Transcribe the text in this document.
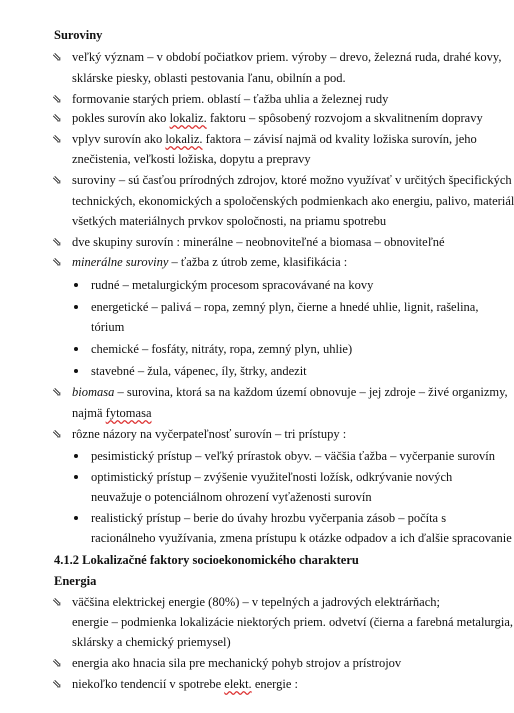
Suroviny
⇘ veľký význam – v období počiatkov priem. výroby – drevo, železná ruda, drahé kovy,
sklárske piesky, oblasti pestovania ľanu, obilnín a pod.
⇘ formovanie starých priem. oblastí – ťažba uhlia a železnej rudy
⇘ pokles surovín ako lokaliz. faktoru – spôsobený rozvojom a skvalitnením dopravy
⇘ vplyv surovín ako lokaliz. faktora – závisí najmä od kvality ložiska surovín, jeho
znečistenia, veľkosti ložiska, dopytu a prepravy
⇘ suroviny – sú časťou prírodných zdrojov, ktoré možno využívať v určitých špecifických
technických, ekonomických a spoločenských podmienkach ako energiu, palivo, materiál
všetkých materiálnych prvkov spoločnosti, na priamu spotrebu
⇘ dve skupiny surovín : minerálne – neobnoviteľné a biomasa – obnoviteľné
⇘ minerálne suroviny – ťažba z útrob zeme, klasifikácia :
rudné – metalurgickým procesom spracovávané na kovy
energetické – palivá – ropa, zemný plyn, čierne a hnedé uhlie, lignit, rašelina,
tórium
chemické – fosfáty, nitráty, ropa, zemný plyn, uhlie)
stavebné – žula, vápenec, íly, štrky, andezit
⇘ biomasa – surovina, ktorá sa na každom území obnovuje – jej zdroje – živé organizmy,
najmä fytomasa
⇘ rôzne názory na vyčerpateľnosť surovín – tri prístupy :
pesimistický prístup – veľký prírastok obyv. – väčšia ťažba – vyčerpanie surovín
optimistický prístup – zvýšenie využiteľnosti ložísk, odkrývanie nových
neuvažuje o potenciálnom ohrození vyťaženosti surovín
realistický prístup – berie do úvahy hrozbu vyčerpania zásob – počíta s
racionálneho využívania, zmena prístupu k otázke odpadov a ich ďalšie spracovanie
4.1.2 Lokalizačné faktory socioekonomického charakteru
Energia
⇘ väčšina elektrickej energie (80%) – v tepelných a jadrových elektrárňach;
energie – podmienka lokalizácie niektorých priem. odvetví (čierna a farebná metalurgia,
sklársky a chemický priemysel)
⇘ energia ako hnacia sila pre mechanický pohyb strojov a prístrojov
⇘ niekoľko tendencií v spotrebe elekt. energie :
